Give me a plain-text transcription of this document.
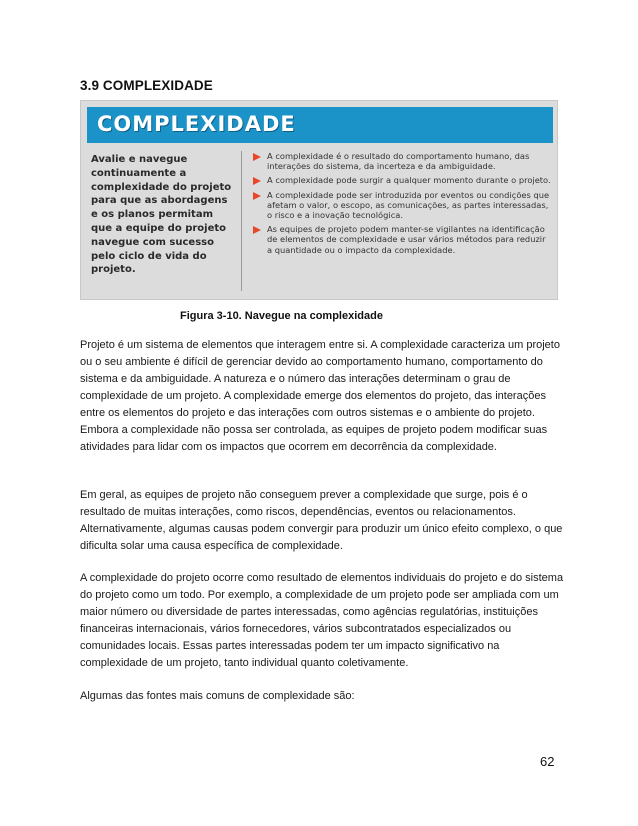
3.9 COMPLEXIDADE
COMPLEXIDADE
Avalie e navegue continuamente a complexidade do projeto para que as abordagens e os planos permitam que a equipe do projeto navegue com sucesso pelo ciclo de vida do projeto.
A complexidade é o resultado do comportamento humano, das interações do sistema, da incerteza e da ambiguidade.
A complexidade pode surgir a qualquer momento durante o projeto.
A complexidade pode ser introduzida por eventos ou condições que afetam o valor, o escopo, as comunicações, as partes interessadas, o risco e a inovação tecnológica.
As equipes de projeto podem manter-se vigilantes na identificação de elementos de complexidade e usar vários métodos para reduzir a quantidade ou o impacto da complexidade.
Figura 3-10. Navegue na complexidade

Projeto é um sistema de elementos que interagem entre si. A complexidade caracteriza um projeto ou o seu ambiente é difícil de gerenciar devido ao comportamento humano, comportamento do sistema e da ambiguidade. A natureza e o número das interações determinam o grau de complexidade de um projeto. A complexidade emerge dos elementos do projeto, das interações entre os elementos do projeto e das interações com outros sistemas e o ambiente do projeto. Embora a complexidade não possa ser controlada, as equipes de projeto podem modificar suas atividades para lidar com os impactos que ocorrem em decorrência da complexidade.

Em geral, as equipes de projeto não conseguem prever a complexidade que surge, pois é o resultado de muitas interações, como riscos, dependências, eventos ou relacionamentos. Alternativamente, algumas causas podem convergir para produzir um único efeito complexo, o que dificulta solar uma causa específica de complexidade.

A complexidade do projeto ocorre como resultado de elementos individuais do projeto e do sistema do projeto como um todo. Por exemplo, a complexidade de um projeto pode ser ampliada com um maior número ou diversidade de partes interessadas, como agências regulatórias, instituições financeiras internacionais, vários fornecedores, vários subcontratados especializados ou comunidades locais. Essas partes interessadas podem ter um impacto significativo na complexidade de um projeto, tanto individual quanto coletivamente.

Algumas das fontes mais comuns de complexidade são:

62
